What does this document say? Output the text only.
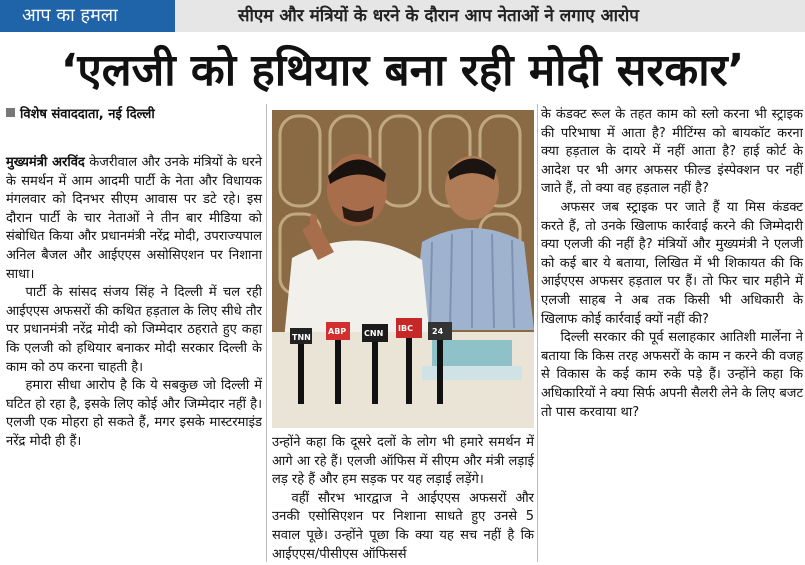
आप का हमला	सीएम और मंत्रियों के धरने के दौरान आप नेताओं ने लगाए आरोप
‘एलजी को हथियार बना रही मोदी सरकार’
विशेष संवाददाता, नई दिल्ली

मुख्यमंत्री अरविंद केजरीवाल और उनके मंत्रियों के धरने के समर्थन में आम आदमी पार्टी के नेता और विधायक मंगलवार को दिनभर सीएम आवास पर डटे रहे। इस दौरान पार्टी के चार नेताओं ने तीन बार मीडिया को संबोधित किया और प्रधानमंत्री नरेंद्र मोदी, उपराज्यपाल अनिल बैजल और आईएएस असोसिएशन पर निशाना साधा।

पार्टी के सांसद संजय सिंह ने दिल्ली में चल रही आईएएस अफसरों की कथित हड़ताल के लिए सीधे तौर पर प्रधानमंत्री नरेंद्र मोदी को जिम्मेदार ठहराते हुए कहा कि एलजी को हथियार बनाकर मोदी सरकार दिल्ली के काम को ठप करना चाहती है।

हमारा सीधा आरोप है कि ये सबकुछ जो दिल्ली में घटित हो रहा है, इसके लिए कोई और जिम्मेदार नहीं है। एलजी एक मोहरा हो सकते हैं, मगर इसके मास्टरमाइंड नरेंद्र मोदी ही हैं।

TNN
ABP CNN
IBC 24

उन्होंने कहा कि दूसरे दलों के लोग भी हमारे समर्थन में आगे आ रहे हैं। एलजी ऑफिस में सीएम और मंत्री लड़ाई लड़ रहे हैं और हम सड़क पर यह लड़ाई लड़ेंगे।

वहीं सौरभ भारद्वाज ने आईएएस अफसरों और उनकी एसोसिएशन पर निशाना साधते हुए उनसे 5 सवाल पूछे। उन्होंने पूछा कि क्या यह सच नहीं है कि आईएएस/पीसीएस ऑफिसर्स

के कंडक्ट रूल के तहत काम को स्लो करना भी स्ट्राइक की परिभाषा में आता है? मीटिंग्स को बायकॉट करना क्या हड़ताल के दायरे में नहीं आता है? हाई कोर्ट के आदेश पर भी अगर अफसर फील्ड इंस्पेक्शन पर नहीं जाते हैं, तो क्या वह हड़ताल नहीं है?

अफसर जब स्ट्राइक पर जाते हैं या मिस कंडक्ट करते हैं, तो उनके खिलाफ कार्रवाई करने की जिम्मेदारी क्या एलजी की नहीं है? मंत्रियों और मुख्यमंत्री ने एलजी को कई बार ये बताया, लिखित में भी शिकायत की कि आईएएस अफसर हड़ताल पर हैं। तो फिर चार महीने में एलजी साहब ने अब तक किसी भी अधिकारी के खिलाफ कोई कार्रवाई क्यों नहीं की?

दिल्ली सरकार की पूर्व सलाहकार आतिशी मार्लेना ने बताया कि किस तरह अफसरों के काम न करने की वजह से विकास के कई काम रुके पड़े हैं। उन्होंने कहा कि अधिकारियों ने क्या सिर्फ अपनी सैलरी लेने के लिए बजट तो पास करवाया था?
